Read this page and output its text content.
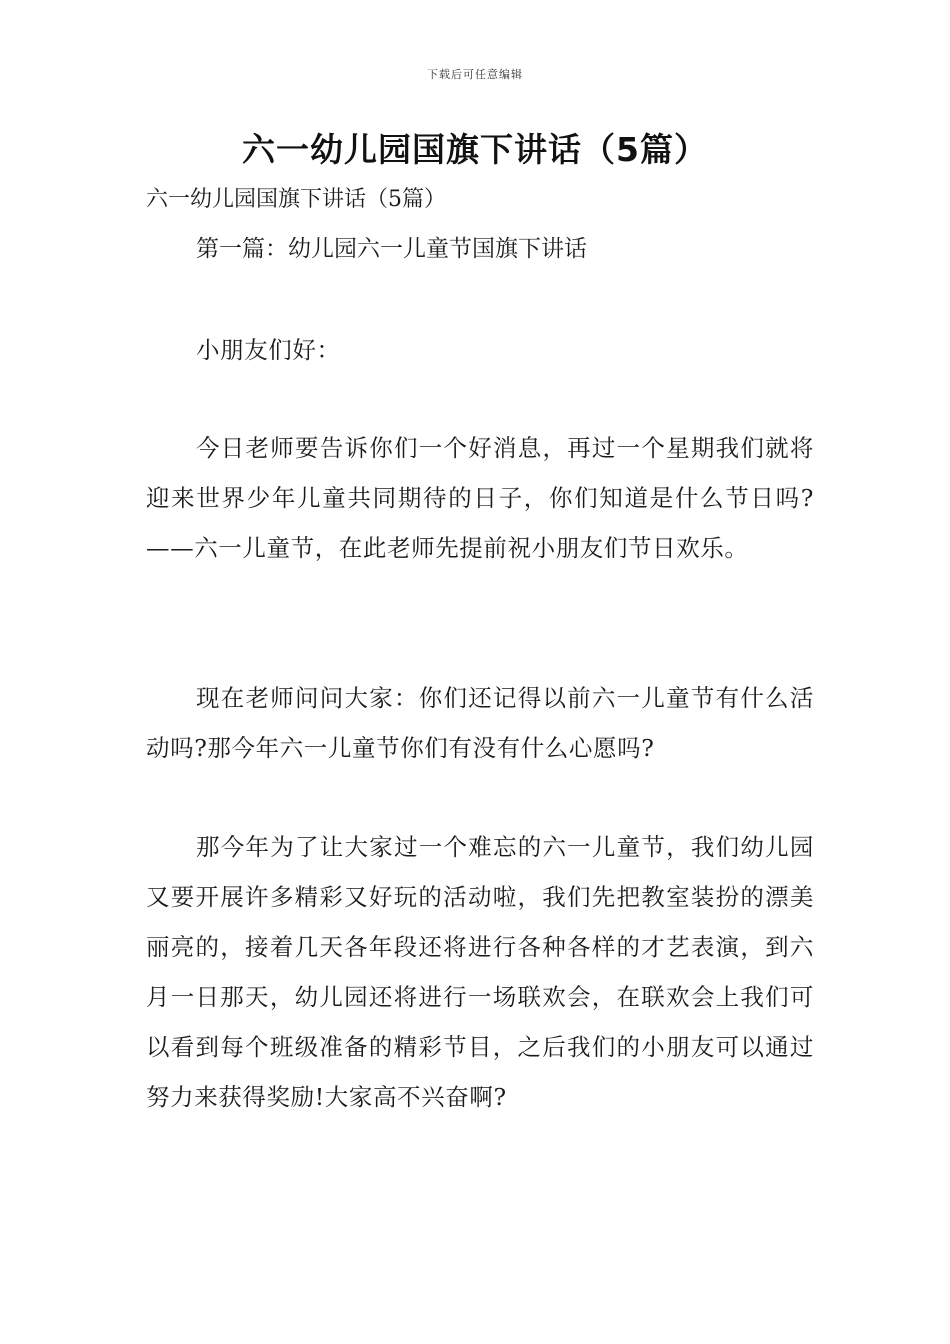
下载后可任意编辑
六一幼儿园国旗下讲话（5篇）

六一幼儿园国旗下讲话（5篇）

第一篇：幼儿园六一儿童节国旗下讲话

小朋友们好：

今日老师要告诉你们一个好消息，再过一个星期我们就将迎来世界少年儿童共同期待的日子，你们知道是什么节日吗?——六一儿童节，在此老师先提前祝小朋友们节日欢乐。

现在老师问问大家：你们还记得以前六一儿童节有什么活动吗?那今年六一儿童节你们有没有什么心愿吗?

那今年为了让大家过一个难忘的六一儿童节，我们幼儿园又要开展许多精彩又好玩的活动啦，我们先把教室装扮的漂美丽亮的，接着几天各年段还将进行各种各样的才艺表演，到六月一日那天，幼儿园还将进行一场联欢会，在联欢会上我们可以看到每个班级准备的精彩节目，之后我们的小朋友可以通过努力来获得奖励!大家高不兴奋啊?
